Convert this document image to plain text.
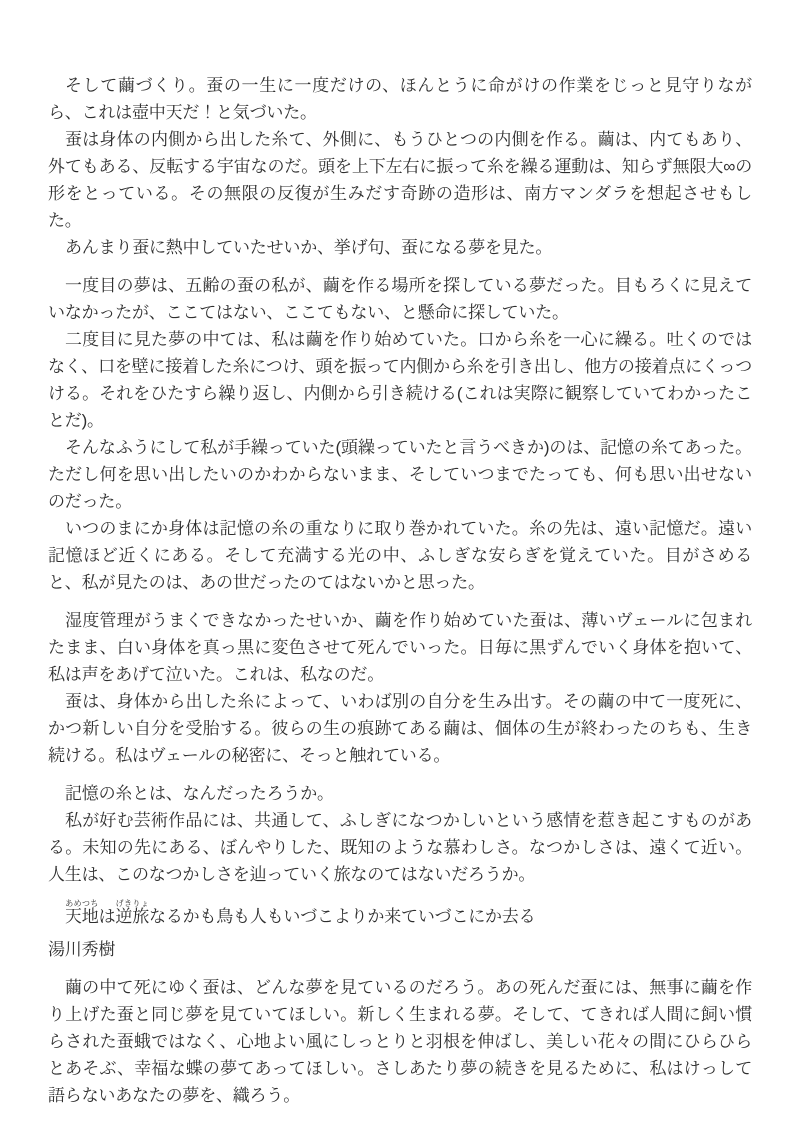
そして繭づくり。蚕の一生に一度だけの、ほんとうに命がけの作業をじっと見守りながら、これは壺中天だ！と気づいた。

蚕は身体の内側から出した糸て、外側に、もうひとつの内側を作る。繭は、内てもあり、外てもある、反転する宇宙なのだ。頭を上下左右に振って糸を繰る運動は、知らず無限大∞の形をとっている。その無限の反復が生みだす奇跡の造形は、南方マンダラを想起させもした。

あんまり蚕に熱中していたせいか、挙げ句、蚕になる夢を見た。

一度目の夢は、五齢の蚕の私が、繭を作る場所を探している夢だった。目もろくに見えていなかったが、ここてはない、ここてもない、と懸命に探していた。

二度目に見た夢の中ては、私は繭を作り始めていた。口から糸を一心に繰る。吐くのではなく、口を壁に接着した糸につけ、頭を振って内側から糸を引き出し、他方の接着点にくっつける。それをひたすら繰り返し、内側から引き続ける(これは実際に観察していてわかったことだ)。

そんなふうにして私が手繰っていた(頭繰っていたと言うべきか)のは、記憶の糸てあった。ただし何を思い出したいのかわからないまま、そしていつまでたっても、何も思い出せないのだった。

いつのまにか身体は記憶の糸の重なりに取り巻かれていた。糸の先は、遠い記憶だ。遠い記憶ほど近くにある。そして充満する光の中、ふしぎな安らぎを覚えていた。目がさめると、私が見たのは、あの世だったのてはないかと思った。

湿度管理がうまくできなかったせいか、繭を作り始めていた蚕は、薄いヴェールに包まれたまま、白い身体を真っ黒に変色させて死んでいった。日毎に黒ずんでいく身体を抱いて、私は声をあげて泣いた。これは、私なのだ。

蚕は、身体から出した糸によって、いわば別の自分を生み出す。その繭の中て一度死に、かつ新しい自分を受胎する。彼らの生の痕跡てある繭は、個体の生が終わったのちも、生き続ける。私はヴェールの秘密に、そっと触れている。

記憶の糸とは、なんだったろうか。

私が好む芸術作品には、共通して、ふしぎになつかしいという感情を惹き起こすものがある。未知の先にある、ぼんやりした、既知のような慕わしさ。なつかしさは、遠くて近い。人生は、このなつかしさを辿っていく旅なのてはないだろうか。

天地あめつちは逆旅げきりょなるかも鳥も人もいづこよりか来ていづこにか去る

湯川秀樹

繭の中て死にゆく蚕は、どんな夢を見ているのだろう。あの死んだ蚕には、無事に繭を作り上げた蚕と同じ夢を見ていてほしい。新しく生まれる夢。そして、てきれば人間に飼い慣らされた蚕蛾ではなく、心地よい風にしっとりと羽根を伸ばし、美しい花々の間にひらひらとあそぶ、幸福な蝶の夢てあってほしい。さしあたり夢の続きを見るために、私はけっして語らないあなたの夢を、織ろう。
